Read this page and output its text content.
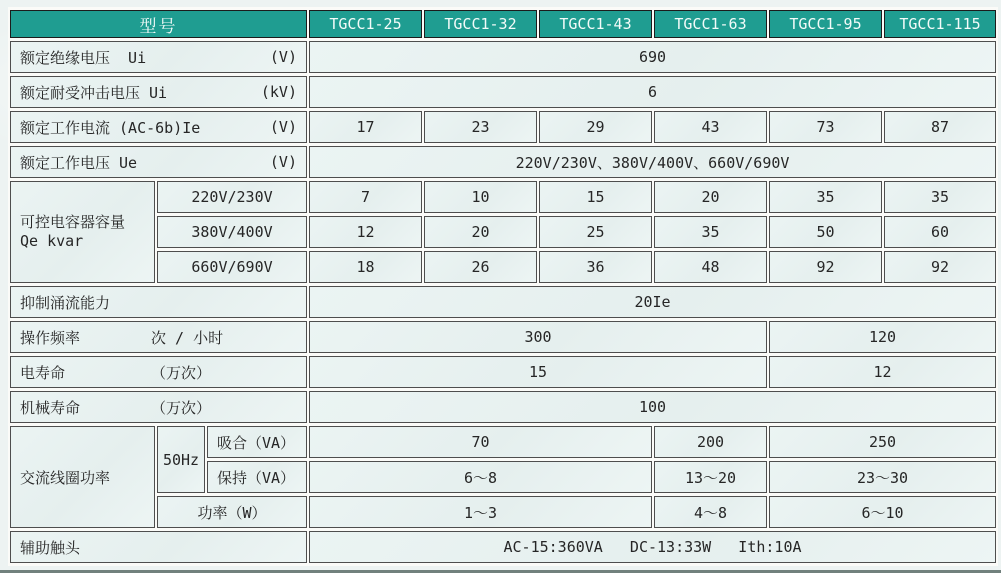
型号			TGCC1-25	TGCC1-32	TGCC1-43	TGCC1-63	TGCC1-95	TGCC1-115

额定绝缘电压  Ui (V)			690					

额定耐受冲击电压 Ui (kV)			6					

额定工作电流 (AC-6b)Ie (V)			17	23	29	43	73	87

额定工作电压 Ue (V)			220V/230V、380V/400V、660V/690V					

可控电容器容量
Qe kvar	220V/230V		7	10	15	20	35	35
	380V/400V		12	20	25	35	50	60
	660V/690V		18	26	36	48	92	92
抑制涌流能力			20Ie					

操作频率 次 / 小时			300				120	

电寿命 （万次）			15				12	

机械寿命 （万次）			100					
交流线圈功率	50Hz	吸合（VA）	70			200	250	
		保持（VA）	6～8			13～20	23～30	
	功率（W）		1～3			4～8	6～10	
辅助触头			AC-15:360VA   DC-13:33W   Ith:10A					
